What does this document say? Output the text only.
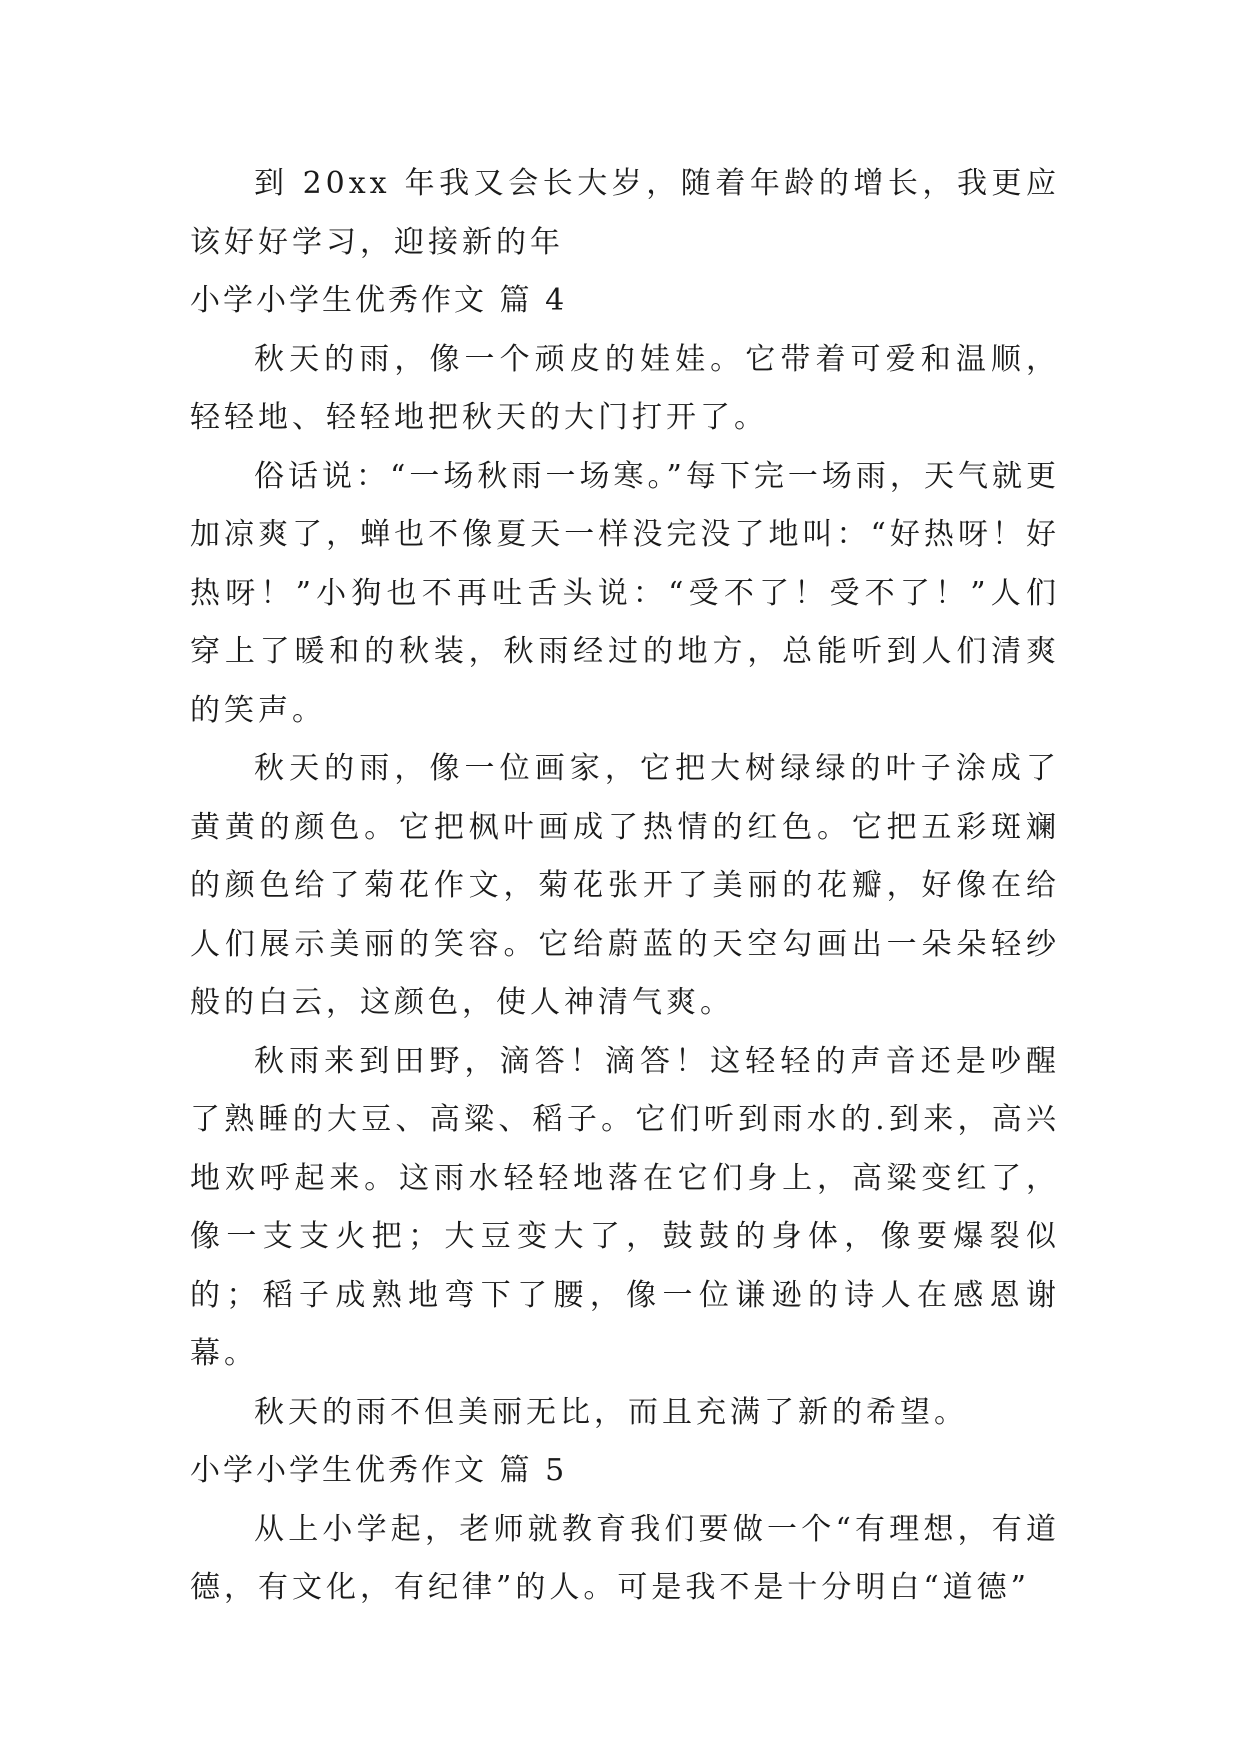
到 20xx 年我又会长大岁，随着年龄的增长，我更应该好好学习，迎接新的年

小学小学生优秀作文 篇 4

秋天的雨，像一个顽皮的娃娃。它带着可爱和温顺，轻轻地、轻轻地把秋天的大门打开了。

俗话说：“一场秋雨一场寒。”每下完一场雨，天气就更加凉爽了，蝉也不像夏天一样没完没了地叫：“好热呀！好热呀！”小狗也不再吐舌头说：“受不了！受不了！”人们穿上了暖和的秋装，秋雨经过的地方，总能听到人们清爽的笑声。

秋天的雨，像一位画家，它把大树绿绿的叶子涂成了黄黄的颜色。它把枫叶画成了热情的红色。它把五彩斑斓的颜色给了菊花作文，菊花张开了美丽的花瓣，好像在给人们展示美丽的笑容。它给蔚蓝的天空勾画出一朵朵轻纱般的白云，这颜色，使人神清气爽。

秋雨来到田野，滴答！滴答！这轻轻的声音还是吵醒了熟睡的大豆、高粱、稻子。它们听到雨水的.到来，高兴地欢呼起来。这雨水轻轻地落在它们身上，高粱变红了，像一支支火把；大豆变大了，鼓鼓的身体，像要爆裂似的；稻子成熟地弯下了腰，像一位谦逊的诗人在感恩谢幕。

秋天的雨不但美丽无比，而且充满了新的希望。

小学小学生优秀作文 篇 5

从上小学起，老师就教育我们要做一个“有理想，有道德，有文化，有纪律”的人。可是我不是十分明白“道德”
